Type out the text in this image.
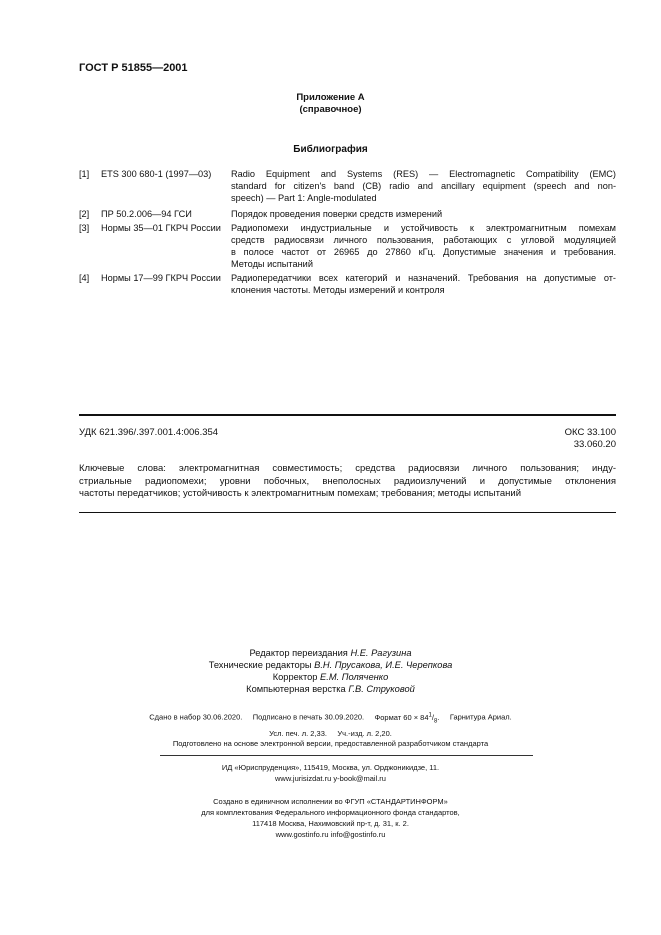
ГОСТ Р 51855—2001
Приложение А
(справочное)
Библиография
[1] ETS 300 680-1 (1997—03) Radio Equipment and Systems (RES) — Electromagnetic Compatibility (EMC)
standard for citizen's band (CB) radio and ancillary equipment (speech and non-
speech) — Part 1: Angle-modulated
[2] ПР 50.2.006—94 ГСИ	Порядок проведения поверки средств измерений
[3] Нормы 35—01 ГКРЧ России Радиопомехи индустриальные и устойчивость к электромагнитным помехам
средств радиосвязи личного пользования, работающих с угловой модуляцией
в полосе частот от 26965 до 27860 кГц. Допустимые значения и требования.
Методы испытаний
[4] Нормы 17—99 ГКРЧ России Радиопередатчики всех категорий и назначений. Требования на допустимые от-
клонения частоты. Методы измерений и контроля
УДК 621.396/.397.001.4:006.354	ОКС 33.100
33.060.20
Ключевые слова: электромагнитная совместимость; средства радиосвязи личного пользования; инду-
стриальные радиопомехи; уровни побочных, внеполосных радиоизлучений и допустимые отклонения
частоты передатчиков; устойчивость к электромагнитным помехам; требования; методы испытаний
Редактор переиздания Н.Е. Рагузина
Технические редакторы В.Н. Прусакова, И.Е. Черепкова
Корректор Е.М. Поляченко
Компьютерная верстка Г.В. Струковой
Сдано в набор 30.06.2020. Подписано в печать 30.09.2020. Формат $60 \times 84^1/_8$. Гарнитура Ариал.
Усл. печ. л. 2,33. Уч.-изд. л. 2,20.
Подготовлено на основе электронной версии, предоставленной разработчиком стандарта
ИД «Юриспруденция», 115419, Москва, ул. Орджоникидзе, 11.
www.jurisizdat.ru y-book@mail.ru
Создано в единичном исполнении во ФГУП «СТАНДАРТИНФОРМ»
для комплектования Федерального информационного фонда стандартов,
117418 Москва, Нахимовский пр-т, д. 31, к. 2.
www.gostinfo.ru info@gostinfo.ru
